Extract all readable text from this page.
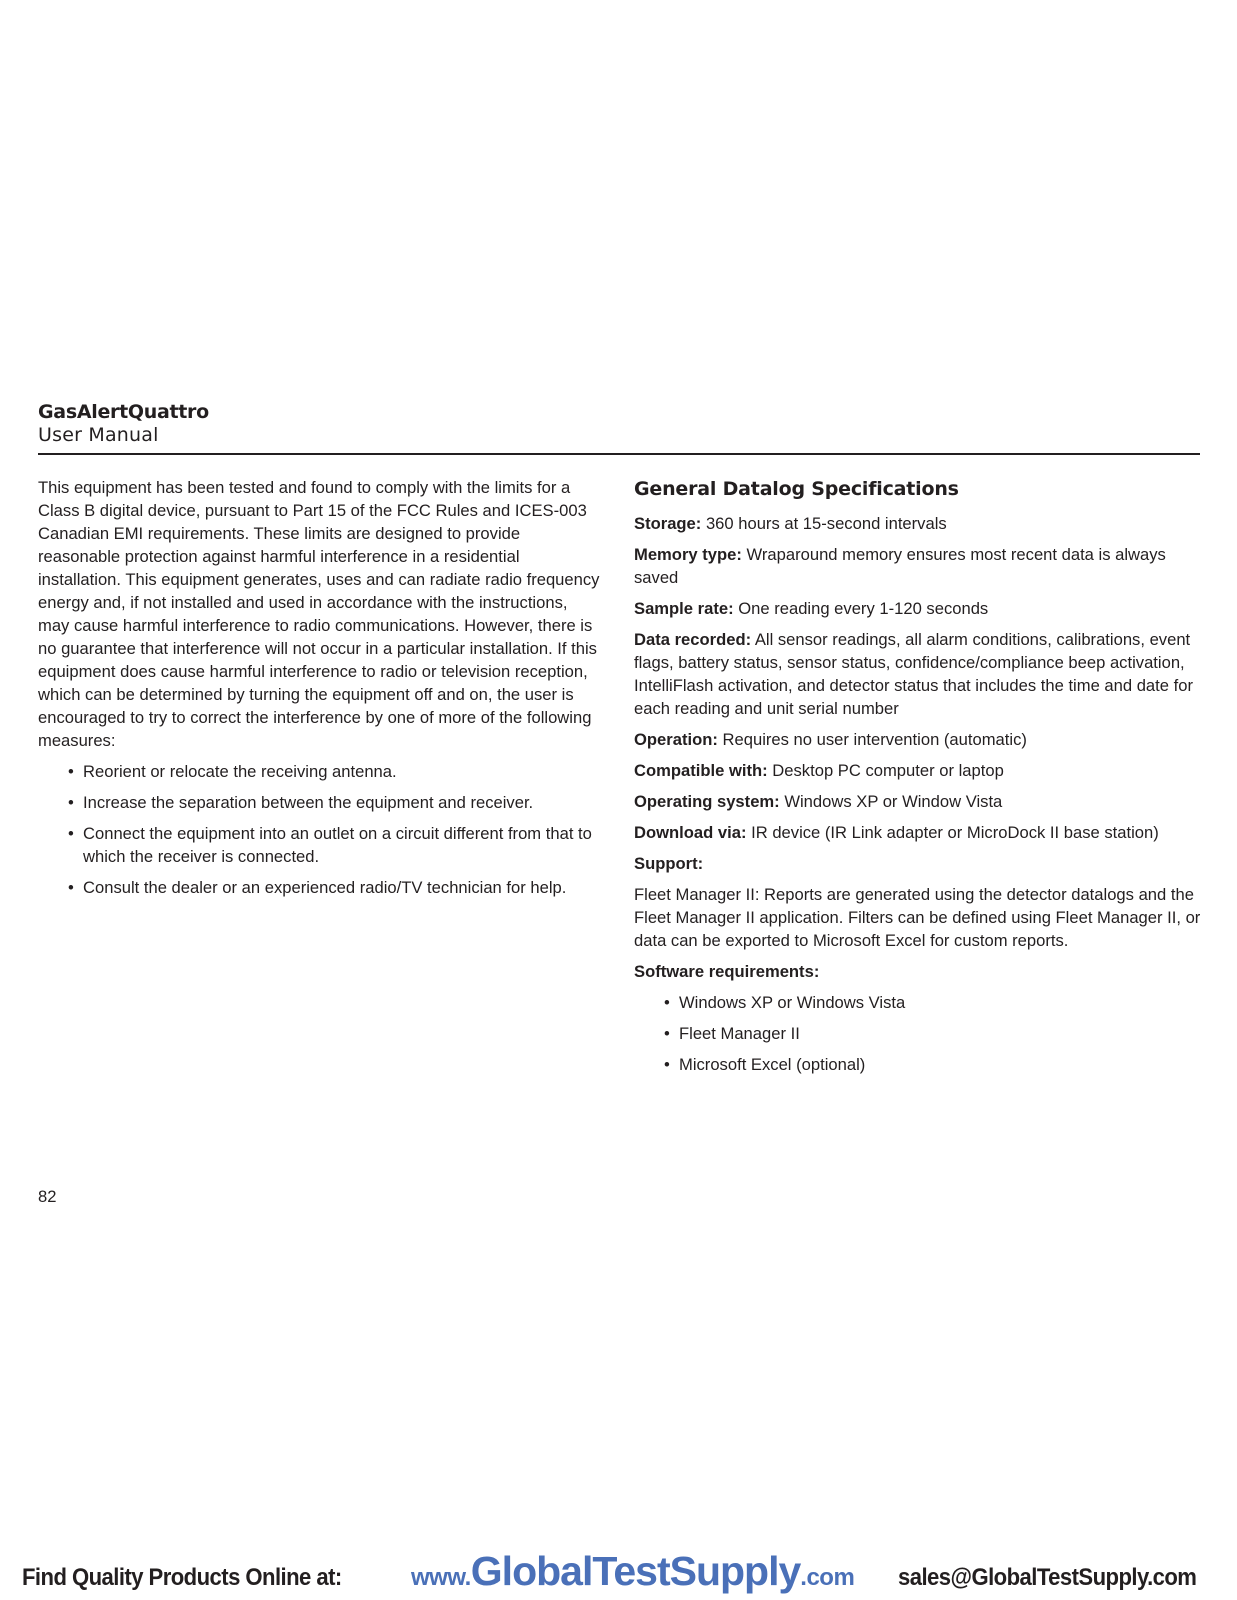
GasAlertQuattro
User Manual

This equipment has been tested and found to comply with the limits for a Class B digital device, pursuant to Part 15 of the FCC Rules and ICES-003 Canadian EMI requirements. These limits are designed to provide reasonable protection against harmful interference in a residential installation. This equipment generates, uses and can radiate radio frequency energy and, if not installed and used in accordance with the instructions, may cause harmful interference to radio communications. However, there is no guarantee that interference will not occur in a particular installation. If this equipment does cause harmful interference to radio or television reception, which can be determined by turning the equipment off and on, the user is encouraged to try to correct the interference by one of more of the following measures:

• Reorient or relocate the receiving antenna.
• Increase the separation between the equipment and receiver.
• Connect the equipment into an outlet on a circuit different from that to which the receiver is connected.
• Consult the dealer or an experienced radio/TV technician for help.
General Datalog Specifications

Storage: 360 hours at 15-second intervals

Memory type: Wraparound memory ensures most recent data is always saved

Sample rate: One reading every 1-120 seconds

Data recorded: All sensor readings, all alarm conditions, calibrations, event flags, battery status, sensor status, confidence/compliance beep activation, IntelliFlash activation, and detector status that includes the time and date for each reading and unit serial number

Operation: Requires no user intervention (automatic)

Compatible with: Desktop PC computer or laptop

Operating system: Windows XP or Window Vista

Download via: IR device (IR Link adapter or MicroDock II base station)

Support:

Fleet Manager II: Reports are generated using the detector datalogs and the Fleet Manager II application. Filters can be defined using Fleet Manager II, or data can be exported to Microsoft Excel for custom reports.

Software requirements:

• Windows XP or Windows Vista
• Fleet Manager II
• Microsoft Excel (optional)
82
Find Quality Products Online at:	www.GlobalTestSupply.com sales@GlobalTestSupply.com
